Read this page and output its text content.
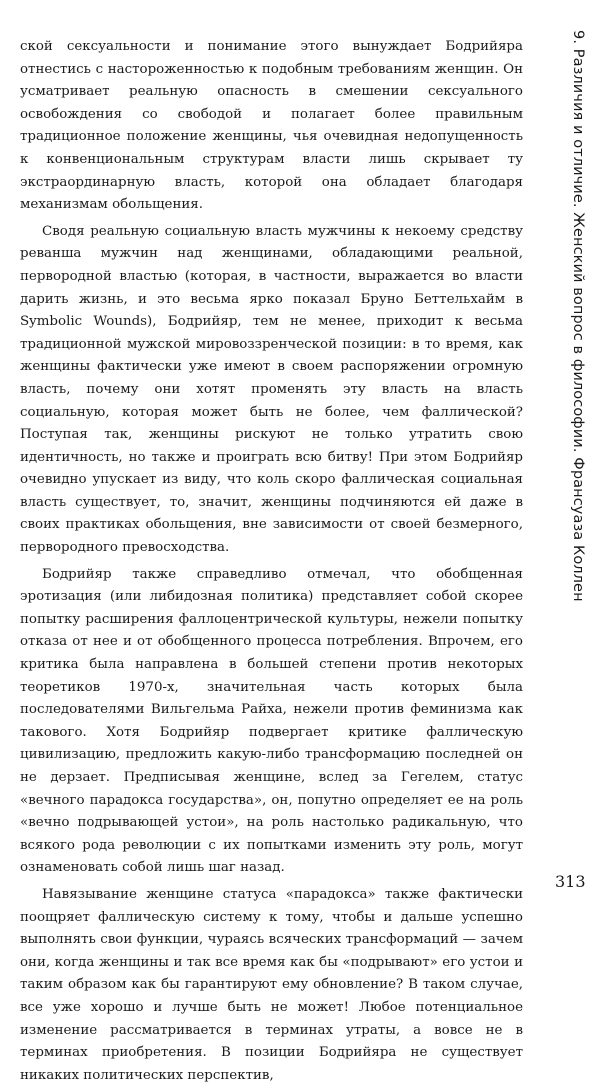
ской сексуальности и понимание этого вынуждает Бодрийяра отнестись с настороженностью к подобным требованиям женщин. Он усматривает реальную опасность в смешении сексуального освобождения со свободой и полагает более правильным традиционное положение женщины, чья очевидная недопущенность к конвенциональным структурам власти лишь скрывает ту экстраординарную власть, которой она обладает благодаря механизмам обольщения.

Сводя реальную социальную власть мужчины к некоему средству реванша мужчин над женщинами, обладающими реальной, первородной властью (которая, в частности, выражается во власти дарить жизнь, и это весьма ярко показал Бруно Беттельхайм в Symbolic Wounds), Бодрийяр, тем не менее, приходит к весьма традиционной мужской мировоззренческой позиции: в то время, как женщины фактически уже имеют в своем распоряжении огромную власть, почему они хотят променять эту власть на власть социальную, которая может быть не более, чем фаллической? Поступая так, женщины рискуют не только утратить свою идентичность, но также и проиграть всю битву! При этом Бодрийяр очевидно упускает из виду, что коль скоро фаллическая социальная власть существует, то, значит, женщины подчиняются ей даже в своих практиках обольщения, вне зависимости от своей безмерного, первородного превосходства.

Бодрийяр также справедливо отмечал, что обобщенная эротизация (или либидозная политика) представляет собой скорее попытку расширения фаллоцентрической культуры, нежели попытку отказа от нее и от обобщенного процесса потребления. Впрочем, его критика была направлена в большей степени против некоторых теоретиков 1970-х, значительная часть которых была последователями Вильгельма Райха, нежели против феминизма как такового. Хотя Бодрийяр подвергает критике фаллическую цивилизацию, предложить какую-либо трансформацию последней он не дерзает. Предписывая женщине, вслед за Гегелем, статус «вечного парадокса государства», он, попутно определяет ее на роль «вечно подрывающей устои», на роль настолько радикальную, что всякого рода революции с их попытками изменить эту роль, могут ознаменовать собой лишь шаг назад.

Навязывание женщине статуса «парадокса» также фактически поощряет фаллическую систему к тому, чтобы и дальше успешно выполнять свои функции, чураясь всяческих трансформаций — зачем они, когда женщины и так все время как бы «подрывают» его устои и таким образом как бы гарантируют ему обновление? В таком случае, все уже хорошо и лучше быть не может! Любое потенциальное изменение рассматривается в терминах утраты, а вовсе не в терминах приобретения. В позиции Бодрийяра не существует никаких политических перспектив,

9. Различия и отличие. Женский вопрос в философии. Франсуаза Коллен
313
